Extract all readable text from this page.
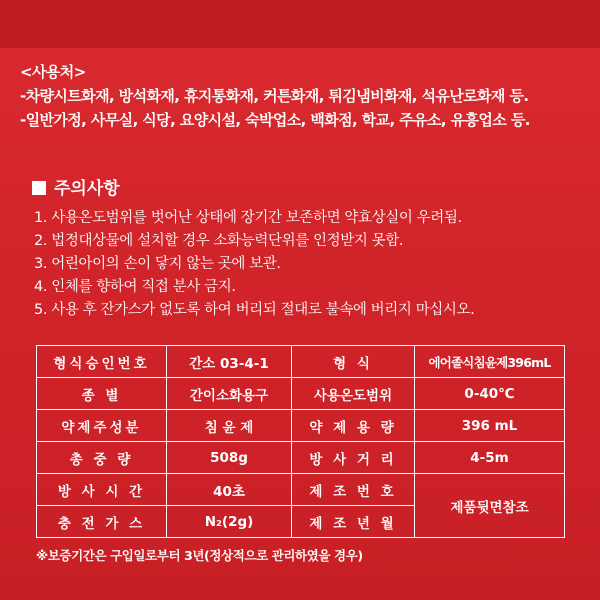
<사용처>
-차량시트화재, 방석화재, 휴지통화재, 커튼화재, 튀김냄비화재, 석유난로화재 등.
-일반가정, 사무실, 식당, 요양시설, 숙박업소, 백화점, 학교, 주유소, 유흥업소 등.
주의사항
1. 사용온도범위를 벗어난 상태에 장기간 보존하면 약효상실이 우려됨.
2. 법정대상물에 설치할 경우 소화능력단위를 인정받지 못함.
3. 어린아이의 손이 닿지 않는 곳에 보관.
4. 인체를 향하여 직접 분사 금지.
5. 사용 후 잔가스가 없도록 하여 버리되 절대로 불속에 버리지 마십시오.
형식승인번호	간소 03-4-1	형 식	에어졸식침윤제396mL
종 별	간이소화용구	사용온도범위	0-40℃
약제주성분	침 윤 제	약 제 용 량	396 mL
총 중 량	508g	방 사 거 리	4-5m
방 사 시 간	40초	제 조 번 호	제품뒷면참조
충 전 가 스	N₂(2g)	제 조 년 월	
※보증기간은 구입일로부터 3년(정상적으로 관리하였을 경우)
